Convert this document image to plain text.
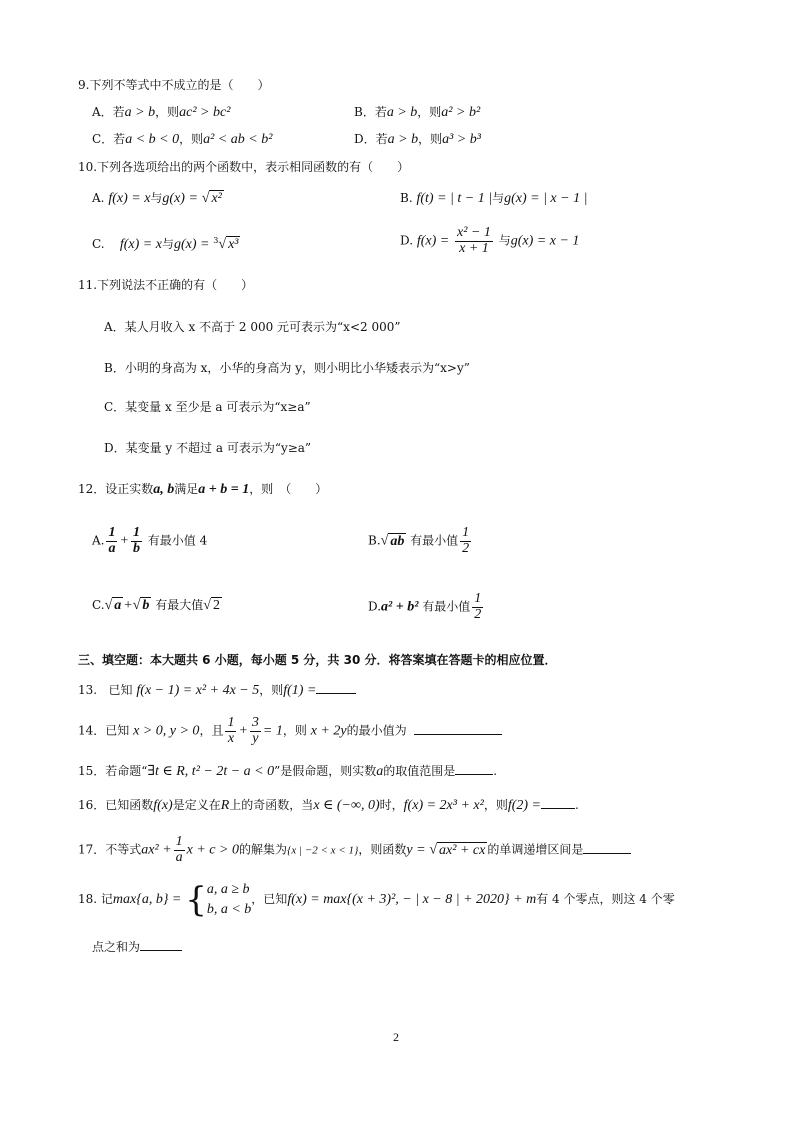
9.下列不等式中不成立的是（　　）
A．若a > b，则ac² > bc²	B．若a > b，则a² > b²
C．若a < b < 0，则a² < ab < b²	D．若a > b，则a³ > b³
10.下列各选项给出的两个函数中，表示相同函数的有（　　）
A. f(x) = x与g(x) = √ x²	B. f(t) = | t − 1 |与g(x) = | x − 1 |
C. f(x) = x与g(x) = $^3$√ x³	D. $f(x) = \frac{\text{x² − 1}}{x + 1}$ 与g(x) = x − 1
11.下列说法不正确的有（　　）
A．某人月收入 x 不高于 2 000 元可表示为“x<2 000”
B．小明的身高为 x，小华的身高为 y，则小明比小华矮表示为“x>y”
C．某变量 x 至少是 a 可表示为“x≥a”
D．某变量 y 不超过 a 可表示为“y≥a”
12．设正实数a, b满足a + b = 1，则　（　　）
A. $\frac{1}{a} + \frac{1}{b}$ 有最小值 4	B.√ ab 有最小值 $\frac{1}{2}$
C.√ a +√ b 有最大值√ 2	D.a² + b² 有最小值 $\frac{1}{2}$
三、填空题：本大题共 6 小题，每小题 5 分，共 30 分．将答案填在答题卡的相应位置．
13. 已知 f(x − 1) = x² + 4x − 5，则f(1) =
14．已知 x > 0, y > 0，且 $\frac{1}{x} + \frac{3}{y} = 1$，则 x + 2y的最小值为
15．若命题“∃t ∈ R, t² − 2t − a < 0”是假命题，则实数a的取值范围是	.
16．已知函数f(x)是定义在R上的奇函数，当x ∈ (−∞, 0)时，f(x) = 2x³ + x²，则f(2) =	.
17．不等式$ax^2 + \frac{1}{a}$ x + c > 0的解集为{x | −2 < x < 1}，则函数y = √ ax² + cx 的单调递增区间是
18. 记max{a, b} = { a, a ≥ b
b, a < b
，已知f(x) = max{(x + 3)², − | x − 8 | + 2020} + m有 4 个零点，则这 4 个零
点之和为
2
